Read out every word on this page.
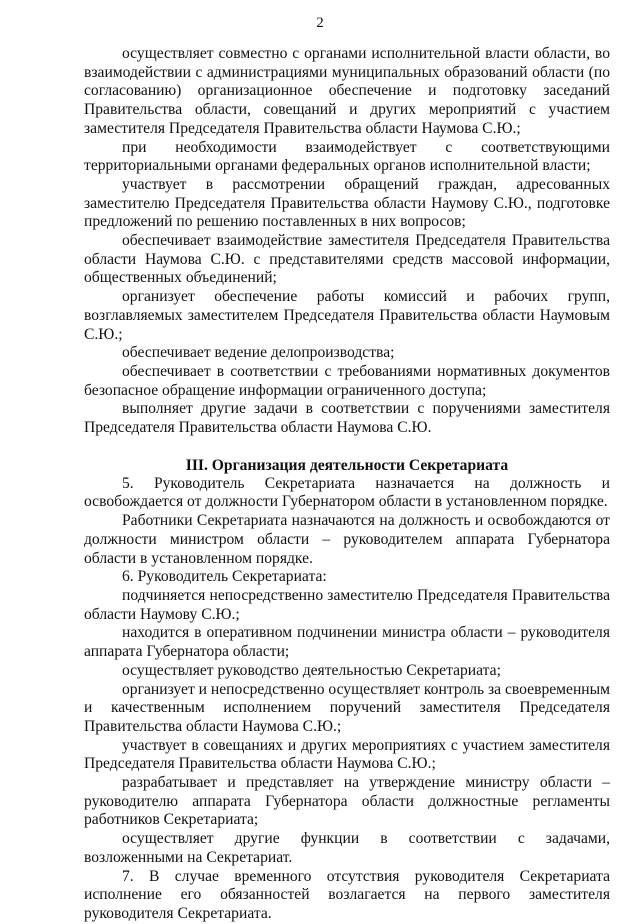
2

осуществляет совместно с органами исполнительной власти области, во взаимодействии с администрациями муниципальных образований области (по согласованию) организационное обеспечение и подготовку заседаний Правительства области, совещаний и других мероприятий с участием заместителя Председателя Правительства области Наумова С.Ю.;

при необходимости взаимодействует с соответствующими территориальными органами федеральных органов исполнительной власти;

участвует в рассмотрении обращений граждан, адресованных заместителю Председателя Правительства области Наумову С.Ю., подготовке предложений по решению поставленных в них вопросов;

обеспечивает взаимодействие заместителя Председателя Правительства области Наумова С.Ю. с представителями средств массовой информации, общественных объединений;

организует обеспечение работы комиссий и рабочих групп, возглавляемых заместителем Председателя Правительства области Наумовым С.Ю.;

обеспечивает ведение делопроизводства;

обеспечивает в соответствии с требованиями нормативных документов безопасное обращение информации ограниченного доступа;

выполняет другие задачи в соответствии с поручениями заместителя Председателя Правительства области Наумова С.Ю.

III. Организация деятельности Секретариата

5. Руководитель Секретариата назначается на должность и освобождается от должности Губернатором области в установленном порядке.

Работники Секретариата назначаются на должность и освобождаются от должности министром области – руководителем аппарата Губернатора области в установленном порядке.

6. Руководитель Секретариата:

подчиняется непосредственно заместителю Председателя Правительства области Наумову С.Ю.;

находится в оперативном подчинении министра области – руководителя аппарата Губернатора области;

осуществляет руководство деятельностью Секретариата;

организует и непосредственно осуществляет контроль за своевременным и качественным исполнением поручений заместителя Председателя Правительства области Наумова С.Ю.;

участвует в совещаниях и других мероприятиях с участием заместителя Председателя Правительства области Наумова С.Ю.;

разрабатывает и представляет на утверждение министру области – руководителю аппарата Губернатора области должностные регламенты работников Секретариата;

осуществляет другие функции в соответствии с задачами, возложенными на Секретариат.

7. В случае временного отсутствия руководителя Секретариата исполнение его обязанностей возлагается на первого заместителя руководителя Секретариата.
